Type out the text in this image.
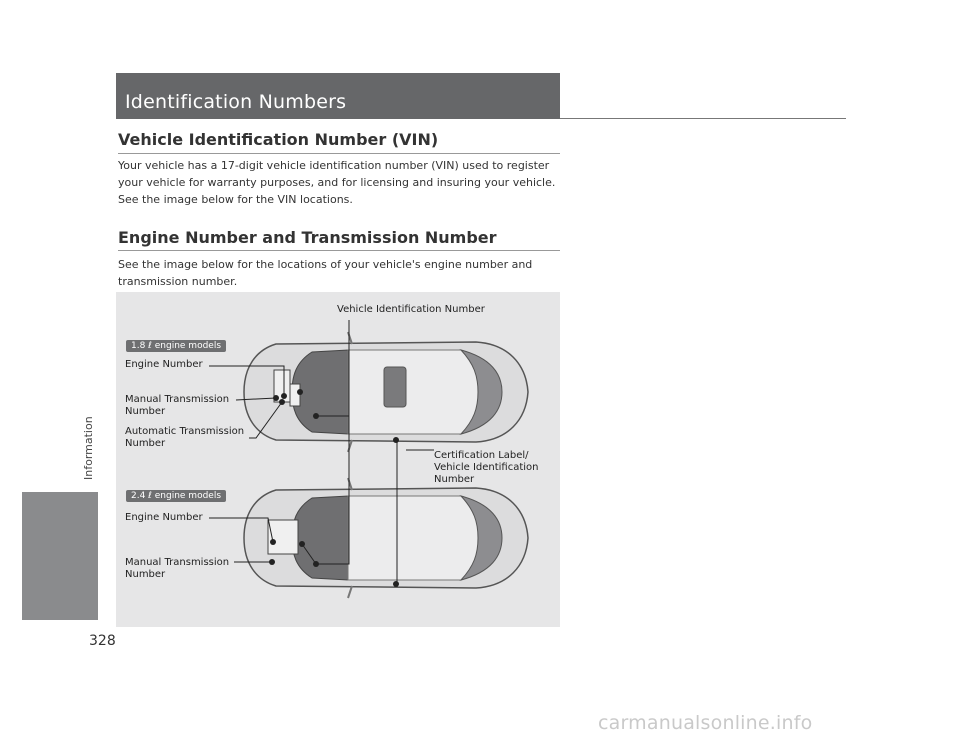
Information
328
Identification Numbers
Vehicle Identification Number (VIN)
Your vehicle has a 17-digit vehicle identification number (VIN) used to register your vehicle for warranty purposes, and for licensing and insuring your vehicle. See the image below for the VIN locations.
Engine Number and Transmission Number
See the image below for the locations of your vehicle's engine number and transmission number.
Vehicle Identification Number
1.8 ℓ engine models
Engine Number
Manual Transmission
Number
Automatic Transmission
Number
Certification Label/
Vehicle Identification
Number
2.4 ℓ engine models
Engine Number
Manual Transmission
Number
carmanualsonline.info
